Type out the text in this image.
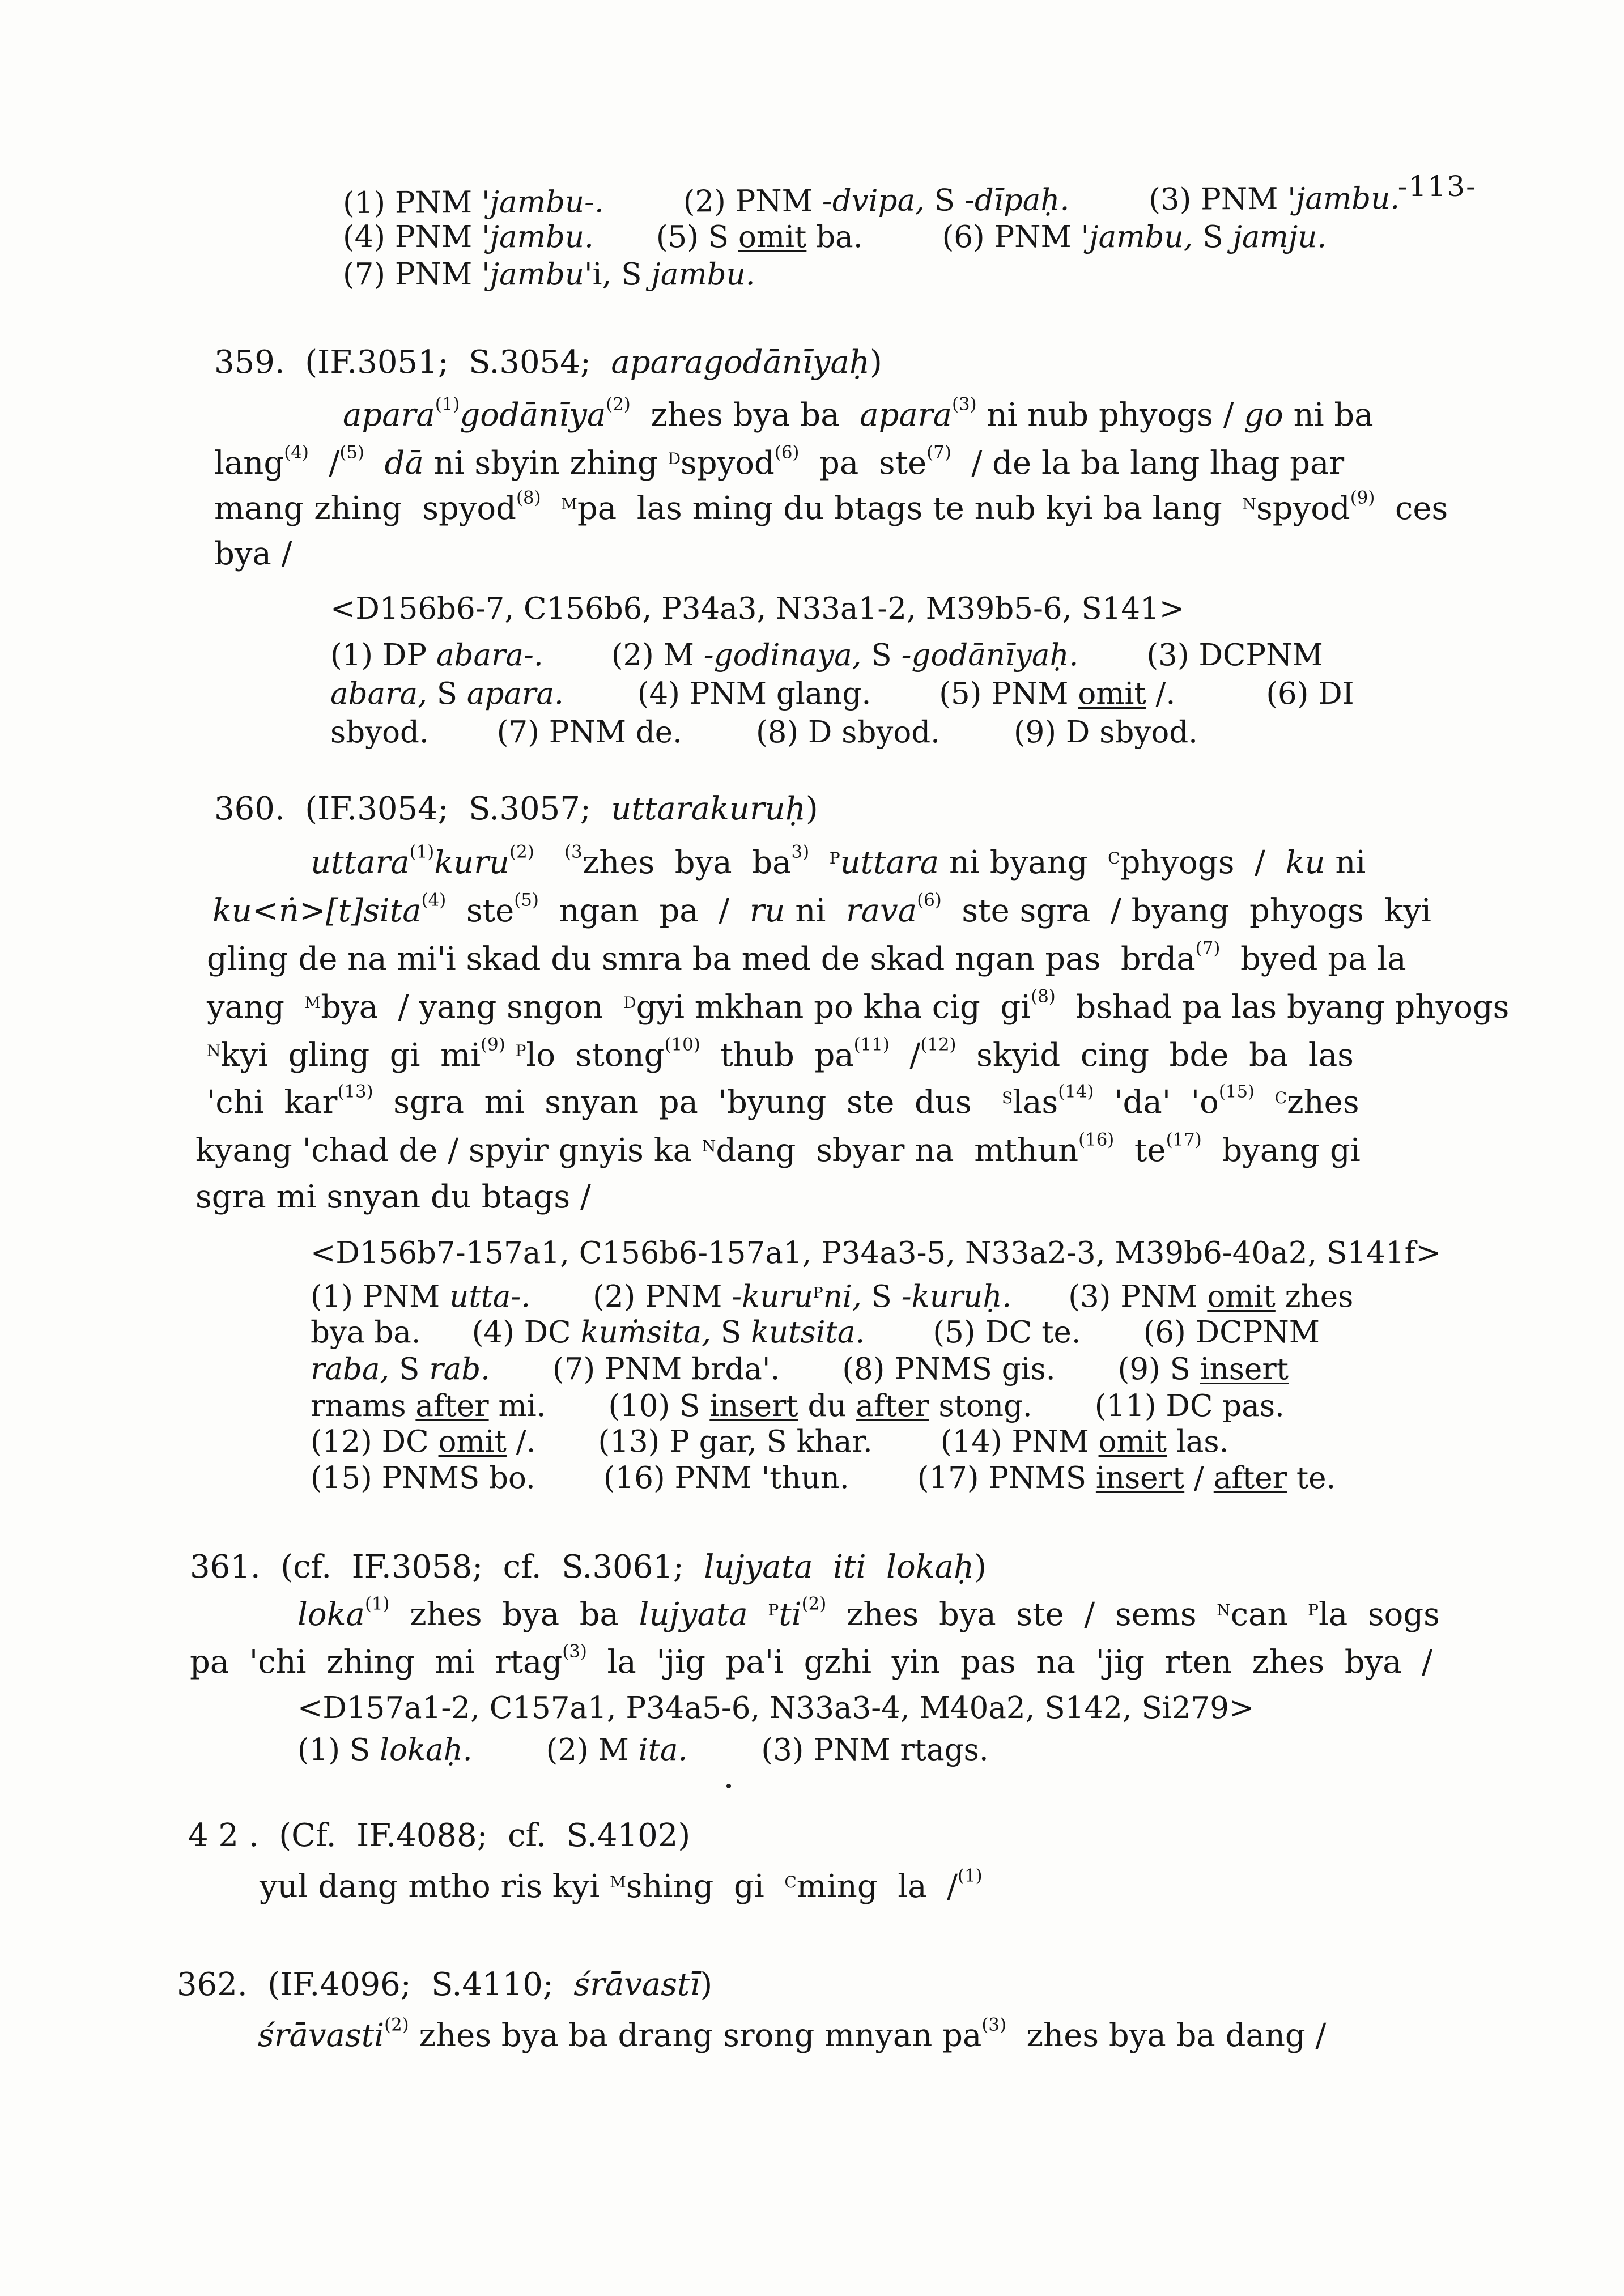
-113-
(1) PNM 'jambu-.	(2) PNM -dvipa, S -dīpaḥ.	(3) PNM 'jambu.
(4) PNM 'jambu. (5) S omit ba.	(6) PNM 'jambu, S jamju.
(7) PNM 'jambu'i, S jambu.
359. (IF.3051;  S.3054;  aparagodānīyaḥ)
apara$^{(1)}$godānīya$^{(2)}$  zhes bya ba  apara$^{(3)}$ ni nub phyogs / go ni ba
lang$^{(4)}$  /$^{(5)}$ dā ni sbyin zhing $^D$spyod$^{(6)}$  pa  ste$^{(7)}$  / de la ba lang lhag par
mang zhing  spyod$^{(8)}$ $^M$pa  las ming du btags te nub kyi ba lang  $^N$spyod$^{(9)}$  ces
bya /
<D156b6-7, C156b6, P34a3, N33a1-2, M39b5-6, S141>
(1) DP abara-. (2) M -godinaya, S -godānīyaḥ. (3) DCPNM
abara, S apara. (4) PNM glang. (5) PNM omit /.	(6) DI
sbyod. (7) PNM de. (8) D sbyod. (9) D sbyod.
360. (IF.3054;  S.3057;  uttarakuruḥ)
uttara$^{(1)}$kuru$^{(2)}$ $^{(3}$zhes  bya  $ba^{3)}$ $^P$uttara ni byang  $^C$phyogs  /  ku ni
ku<ṅ>[t]sita$^{(4)}$  ste$^{(5)}$  ngan  pa  /  ru ni  rava$^{(6)}$  ste sgra  / byang  phyogs  kyi
gling de na mi'i skad du smra ba med de skad ngan pas  brda$^{(7)}$  byed pa la
yang  $^M$bya  / yang sngon  $^D$gyi mkhan po kha cig  $gi^{(8)}$  bshad pa las byang phyogs
$^N$kyi  gling  gi  $mi^{(9)}$ $^P$lo  stong$^{(10)}$  thub  $pa^{(11)}$  /$^{(12)}$  skyid  cing  bde  ba  las
'chi  kar$^{(13)}$  sgra  mi  snyan  pa  'byung  ste  dus   $^S$las$^{(14)}$  'da'  '$o^{(15)}$ $^C$zhes
kyang 'chad de / spyir gnyis ka $^N$dang  sbyar na  mthun$^{(16)}$  $te^{(17)}$  byang gi
sgra mi snyan du btags /
<D156b7-157a1, C156b6-157a1, P34a3-5, N33a2-3, M39b6-40a2, S141f>
(1) PNM utta-. (2) PNM -kuru$^P$ni, S -kuruḥ. (3) PNM omit zhes
bya ba. (4) DC kuṁsita, S kutsita. (5) DC te. (6) DCPNM
raba, S rab. (7) PNM brda'. (8) PNMS gis. (9) S insert
rnams after mi. (10) S insert du after stong. (11) DC pas.
(12) DC omit /. (13) P gar, S khar. (14) PNM omit las.
(15) PNMS bo. (16) PNM 'thun. (17) PNMS insert / after te.
361. (cf.  IF.3058;  cf.  S.3061;  lujyata  iti  lokaḥ)
loka$^{(1)}$  zhes  bya  ba  lujyata  $^Pti^{(2)}$  zhes  bya  ste  /  sems  $^N$can  $^P$la  sogs
pa  'chi  zhing  mi  rtag$^{(3)}$  la  'jig  pa'i  gzhi  yin  pas  na  'jig  rten  zhes  bya  /
<D157a1-2, C157a1, P34a5-6, N33a3-4, M40a2, S142, Si279>
(1) S lokaḥ. (2) M ita. (3) PNM rtags.
4 2 . (Cf.  IF.4088;  cf.  S.4102)
yul dang mtho ris kyi $^M$shing  gi  $^C$ming  la  /$^{(1)}$
362. (IF.4096;  S.4110;  śrāvastī)
śrāvasti$^{(2)}$ zhes bya ba drang srong mnyan $pa^{(3)}$  zhes bya ba dang /
